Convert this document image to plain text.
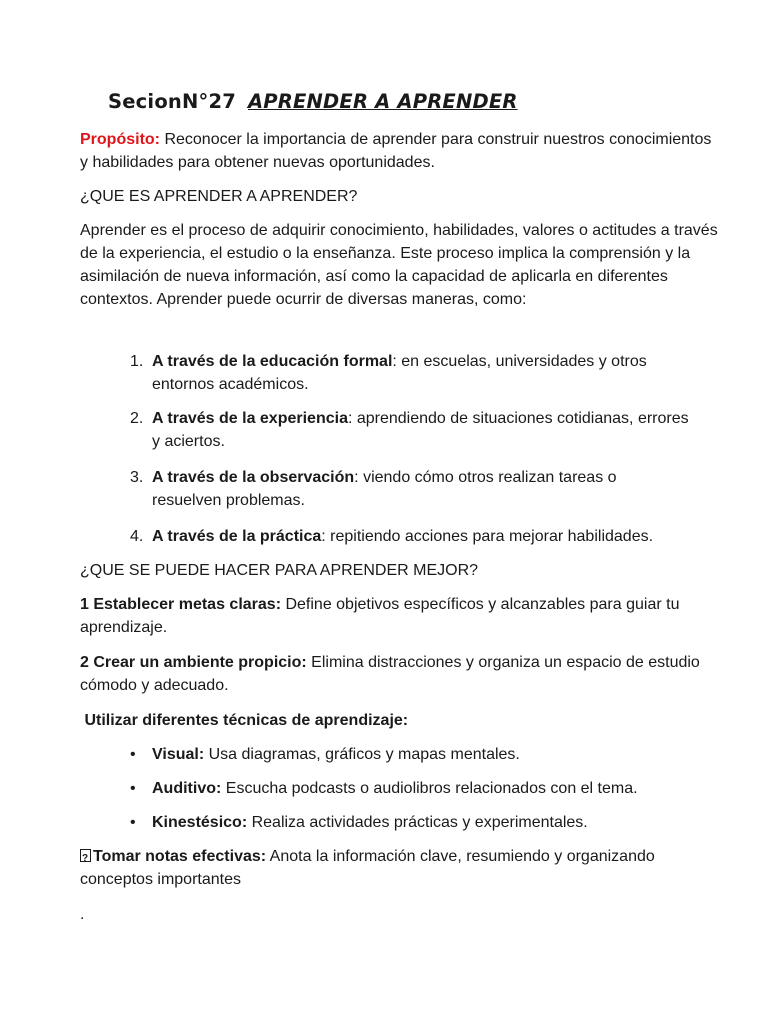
SecionN°27 APRENDER A APRENDER
Propósito: Reconocer la importancia de aprender para construir nuestros conocimientos y habilidades para obtener nuevas oportunidades.
¿QUE ES APRENDER A APRENDER?
Aprender es el proceso de adquirir conocimiento, habilidades, valores o actitudes a través de la experiencia, el estudio o la enseñanza. Este proceso implica la comprensión y la asimilación de nueva información, así como la capacidad de aplicarla en diferentes contextos. Aprender puede ocurrir de diversas maneras, como:
1. A través de la educación formal: en escuelas, universidades y otros entornos académicos.
2. A través de la experiencia: aprendiendo de situaciones cotidianas, errores y aciertos.
3. A través de la observación: viendo cómo otros realizan tareas o resuelven problemas.
4. A través de la práctica: repitiendo acciones para mejorar habilidades.
¿QUE SE PUEDE HACER PARA APRENDER MEJOR?
1 Establecer metas claras: Define objetivos específicos y alcanzables para guiar tu aprendizaje.
2 Crear un ambiente propicio: Elimina distracciones y organiza un espacio de estudio cómodo y adecuado.
Utilizar diferentes técnicas de aprendizaje:
•	Visual: Usa diagramas, gráficos y mapas mentales.
•	Auditivo: Escucha podcasts o audiolibros relacionados con el tema.
•	Kinestésico: Realiza actividades prácticas y experimentales.
?Tomar notas efectivas: Anota la información clave, resumiendo y organizando conceptos importantes
.
